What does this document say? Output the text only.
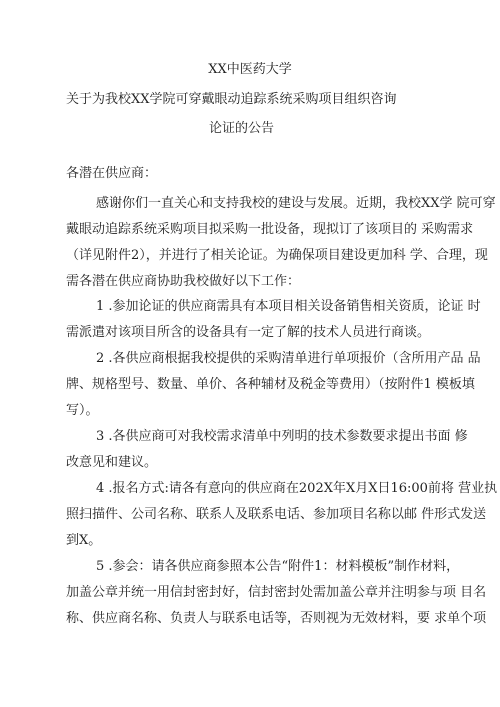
XX中医药大学
关于为我校XX学院可穿戴眼动追踪系统采购项目组织咨询
论证的公告
各潜在供应商：
感谢你们一直关心和支持我校的建设与发展。近期，我校XX学 院可穿
戴眼动追踪系统采购项目拟采购一批设备，现拟订了该项目的 采购需求
（详见附件2），并进行了相关论证。为确保项目建设更加科 学、合理，现
需各潜在供应商协助我校做好以下工作：
1 .参加论证的供应商需具有本项目相关设备销售相关资质，论证 时
需派遣对该项目所含的设备具有一定了解的技术人员进行商谈。
2 .各供应商根据我校提供的采购清单进行单项报价（含所用产品 品
牌、规格型号、数量、单价、各种辅材及税金等费用）（按附件1 模板填
写）。
3 .各供应商可对我校需求清单中列明的技术参数要求提出书面 修
改意见和建议。
4 .报名方式:请各有意向的供应商在202X年X月X日16:00前将 营业执
照扫描件、公司名称、联系人及联系电话、参加项目名称以邮 件形式发送
到X。
5 .参会：请各供应商参照本公告“附件1：材料模板”制作材料，
加盖公章并统一用信封密封好，信封密封处需加盖公章并注明参与项 目名
称、供应商名称、负责人与联系电话等，否则视为无效材料，要 求单个项
